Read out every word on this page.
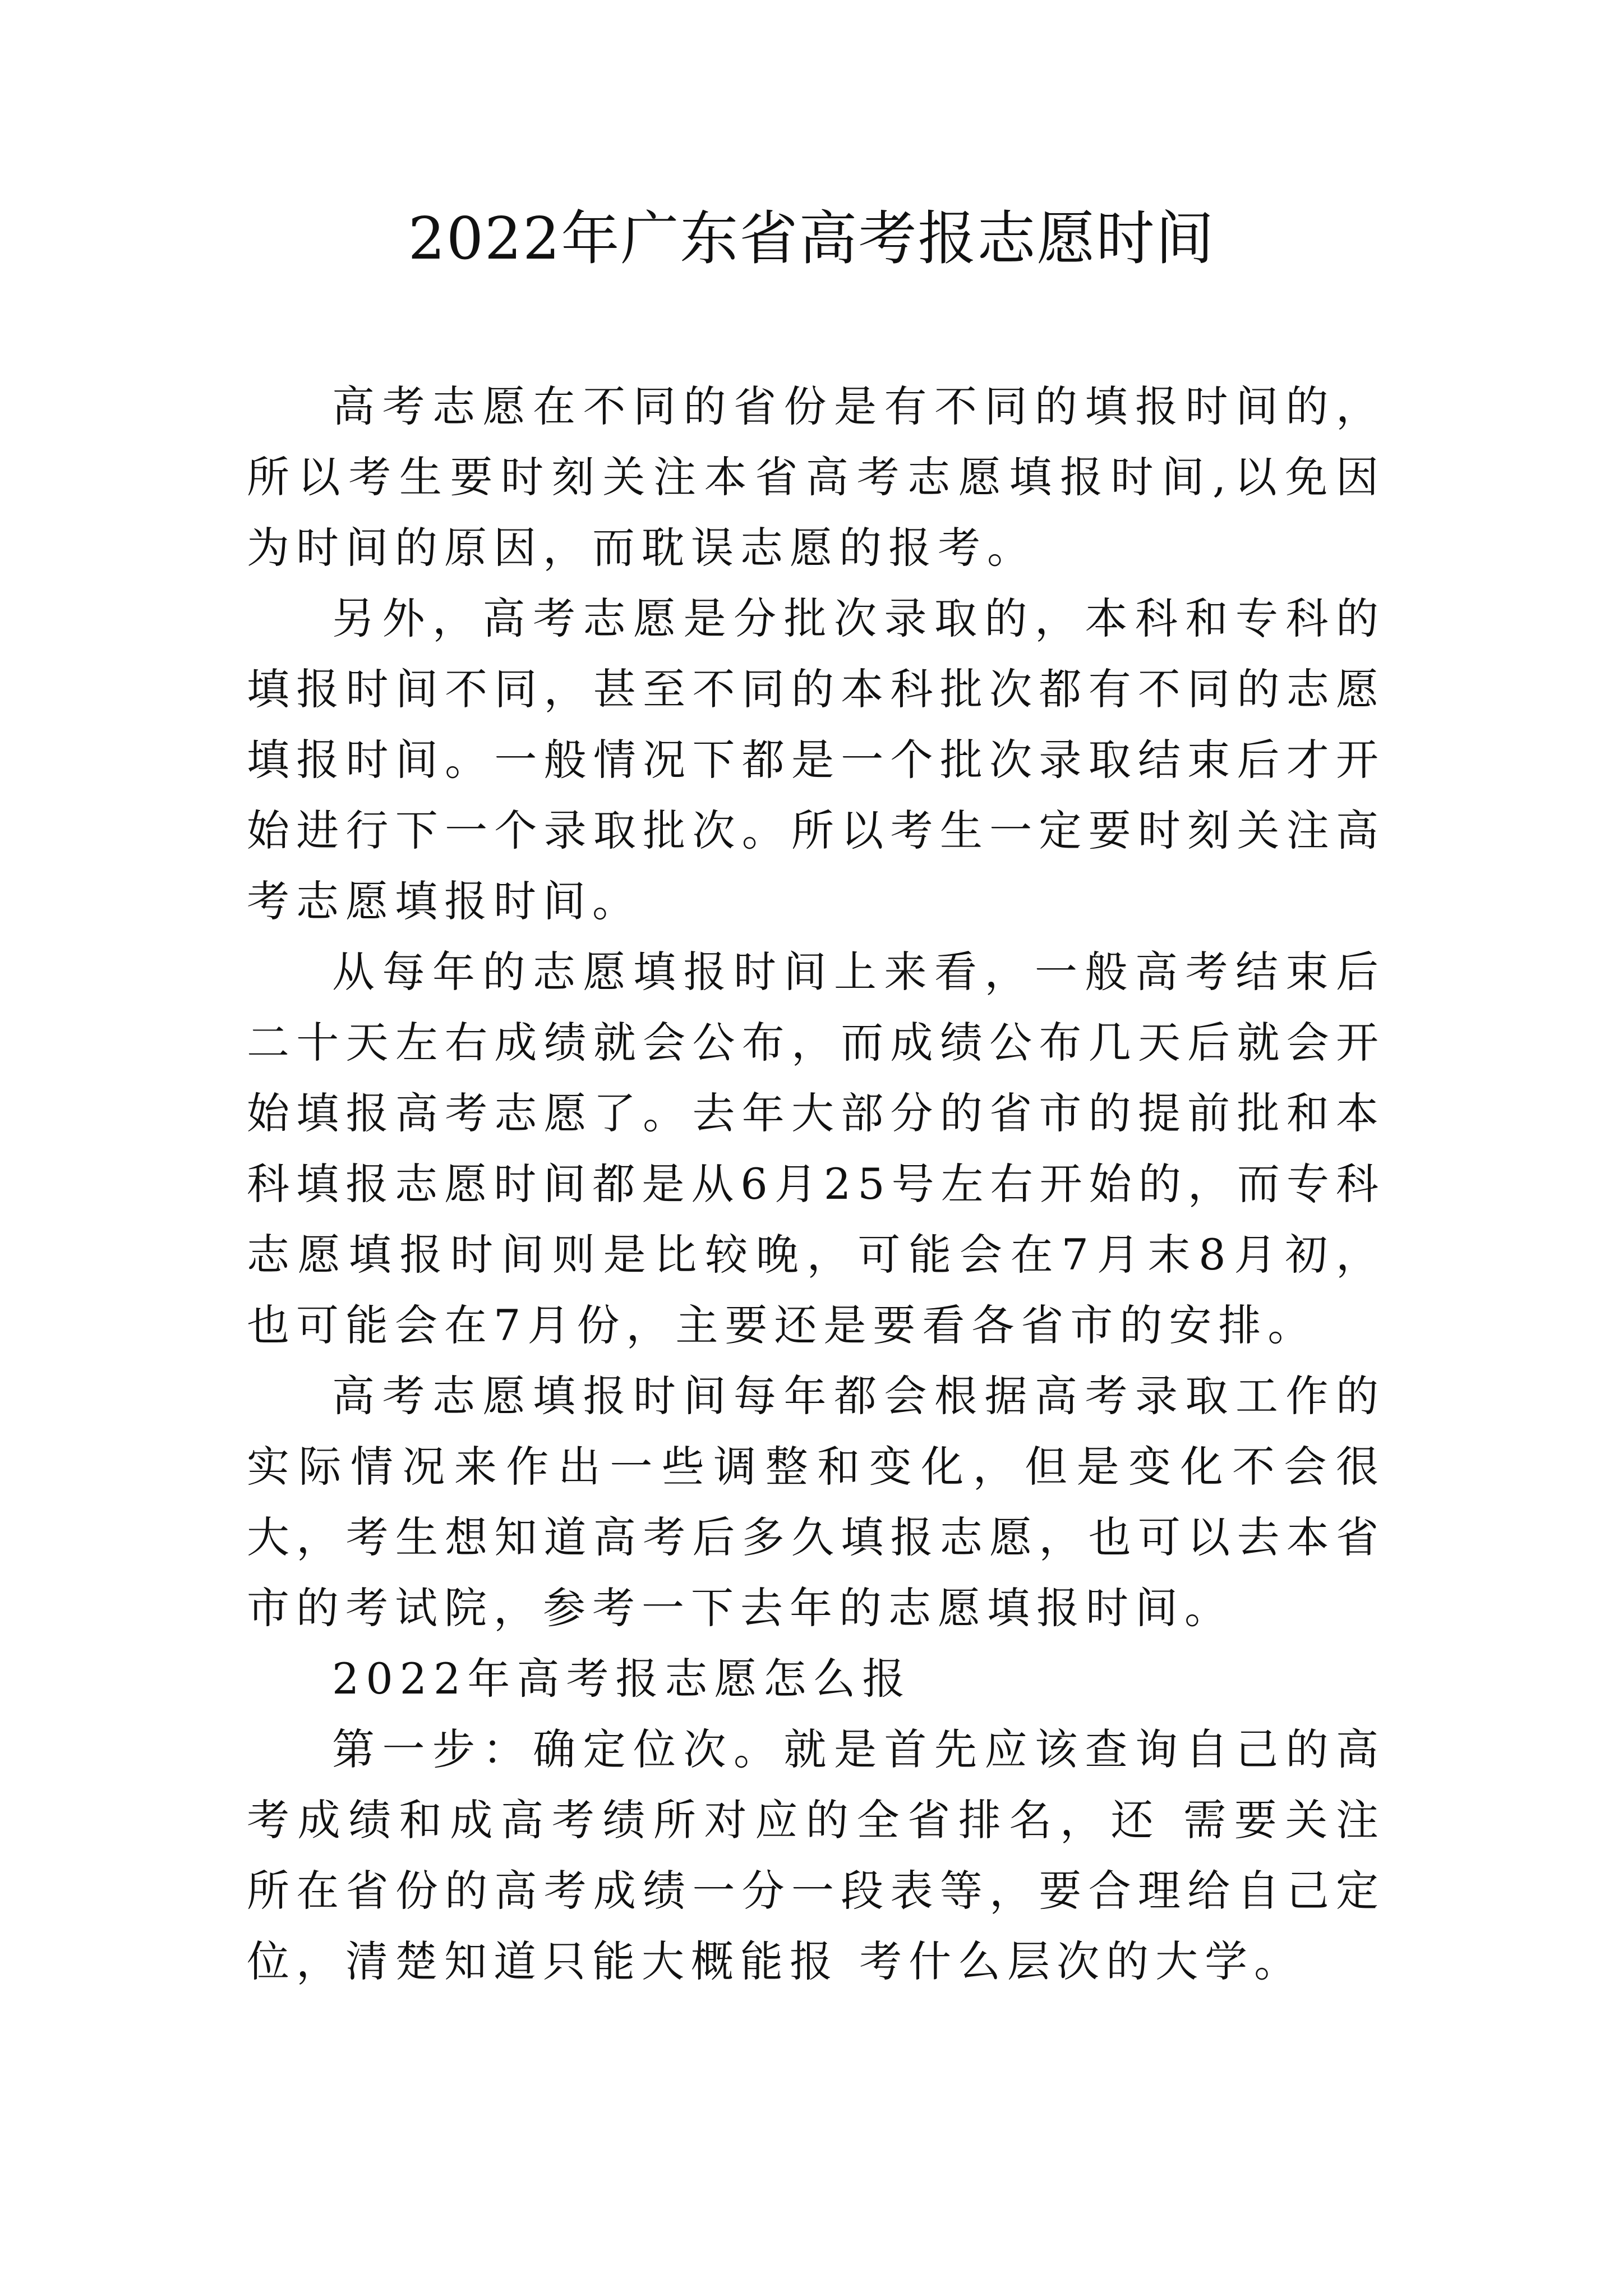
2022年广东省高考报志愿时间

高考志愿在不同的省份是有不同的填报时间的，所以考生要时刻关注本省高考志愿填报时间,以免因为时间的原因，而耽误志愿的报考。

另外，高考志愿是分批次录取的，本科和专科的填报时间不同，甚至不同的本科批次都有不同的志愿填报时间。一般情况下都是一个批次录取结束后才开始进行下一个录取批次。所以考生一定要时刻关注高考志愿填报时间。

从每年的志愿填报时间上来看，一般高考结束后二十天左右成绩就会公布，而成绩公布几天后就会开始填报高考志愿了。去年大部分的省市的提前批和本科填报志愿时间都是从6月25号左右开始的，而专科志愿填报时间则是比较晚，可能会在7月末8月初，也可能会在7月份，主要还是要看各省市的安排。

高考志愿填报时间每年都会根据高考录取工作的实际情况来作出一些调整和变化，但是变化不会很大，考生想知道高考后多久填报志愿，也可以去本省市的考试院，参考一下去年的志愿填报时间。

2022年高考报志愿怎么报

第一步：确定位次。就是首先应该查询自己的高考成绩和成高考绩所对应的全省排名，还 需要关注所在省份的高考成绩一分一段表等，要合理给自己定位，清楚知道只能大概能报 考什么层次的大学。
